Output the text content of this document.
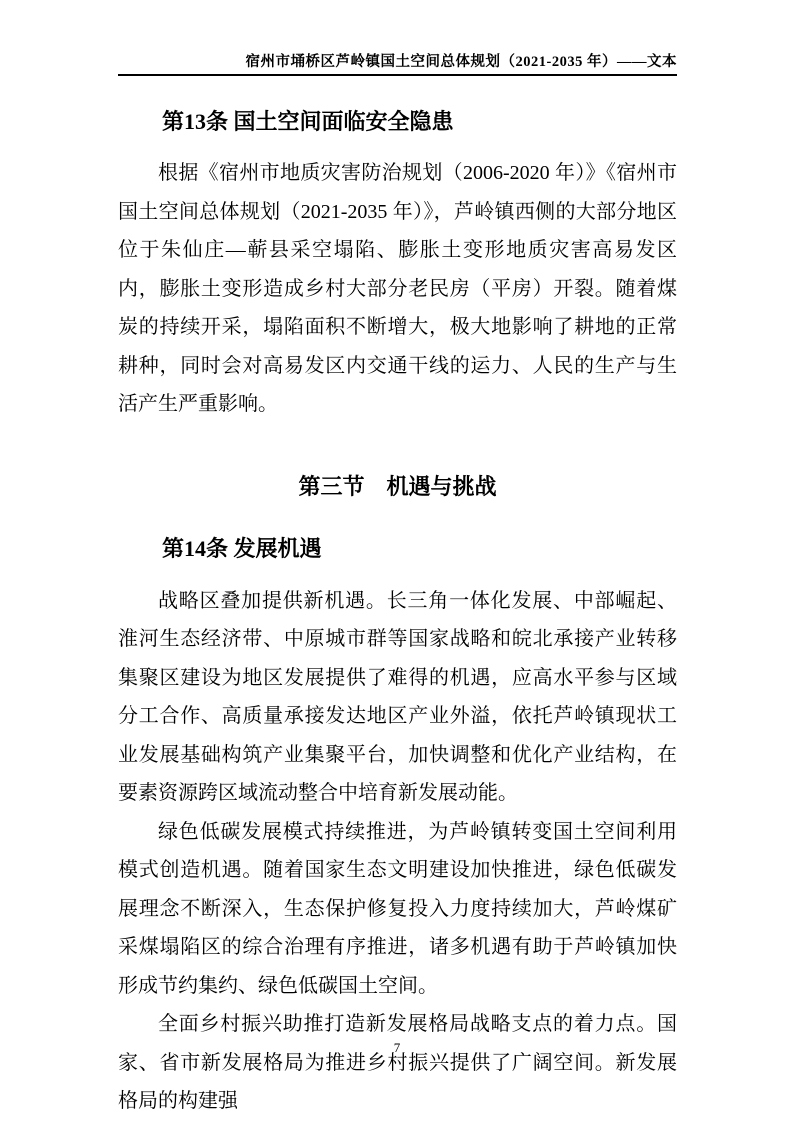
宿州市埇桥区芦岭镇国土空间总体规划（2021-2035 年）——文本
第13条 国土空间面临安全隐患

根据《宿州市地质灾害防治规划（2006-2020 年）》《宿州市国土空间总体规划（2021-2035 年）》，芦岭镇西侧的大部分地区位于朱仙庄—蕲县采空塌陷、膨胀土变形地质灾害高易发区内，膨胀土变形造成乡村大部分老民房（平房）开裂。随着煤炭的持续开采，塌陷面积不断增大，极大地影响了耕地的正常耕种，同时会对高易发区内交通干线的运力、人民的生产与生活产生严重影响。

第三节　机遇与挑战
第14条 发展机遇

战略区叠加提供新机遇。长三角一体化发展、中部崛起、淮河生态经济带、中原城市群等国家战略和皖北承接产业转移集聚区建设为地区发展提供了难得的机遇，应高水平参与区域分工合作、高质量承接发达地区产业外溢，依托芦岭镇现状工业发展基础构筑产业集聚平台，加快调整和优化产业结构，在要素资源跨区域流动整合中培育新发展动能。

绿色低碳发展模式持续推进，为芦岭镇转变国土空间利用模式创造机遇。随着国家生态文明建设加快推进，绿色低碳发展理念不断深入，生态保护修复投入力度持续加大，芦岭煤矿采煤塌陷区的综合治理有序推进，诸多机遇有助于芦岭镇加快形成节约集约、绿色低碳国土空间。

全面乡村振兴助推打造新发展格局战略支点的着力点。国家、省市新发展格局为推进乡村振兴提供了广阔空间。新发展格局的构建强

7
